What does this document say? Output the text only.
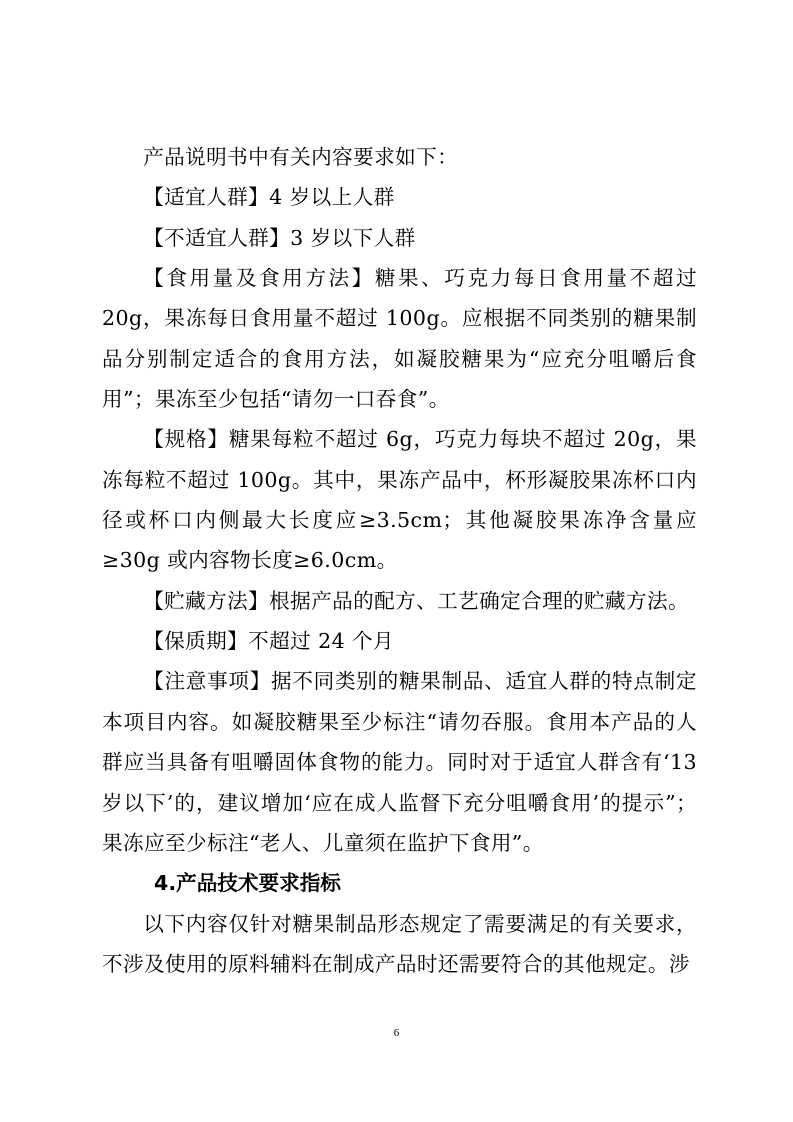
产品说明书中有关内容要求如下：

【适宜人群】4 岁以上人群

【不适宜人群】3 岁以下人群

【食用量及食用方法】糖果、巧克力每日食用量不超过 20g，果冻每日食用量不超过 100g。应根据不同类别的糖果制品分别制定适合的食用方法，如凝胶糖果为“应充分咀嚼后食用”；果冻至少包括“请勿一口吞食”。

【规格】糖果每粒不超过 6g，巧克力每块不超过 20g，果冻每粒不超过 100g。其中，果冻产品中，杯形凝胶果冻杯口内径或杯口内侧最大长度应≥3.5cm；其他凝胶果冻净含量应≥30g 或内容物长度≥6.0cm。

【贮藏方法】根据产品的配方、工艺确定合理的贮藏方法。

【保质期】不超过 24 个月

【注意事项】据不同类别的糖果制品、适宜人群的特点制定本项目内容。如凝胶糖果至少标注“请勿吞服。食用本产品的人群应当具备有咀嚼固体食物的能力。同时对于适宜人群含有‘13 岁以下’的，建议增加‘应在成人监督下充分咀嚼食用’的提示”；果冻应至少标注“老人、儿童须在监护下食用”。

4.产品技术要求指标

以下内容仅针对糖果制品形态规定了需要满足的有关要求，不涉及使用的原料辅料在制成产品时还需要符合的其他规定。涉

6
